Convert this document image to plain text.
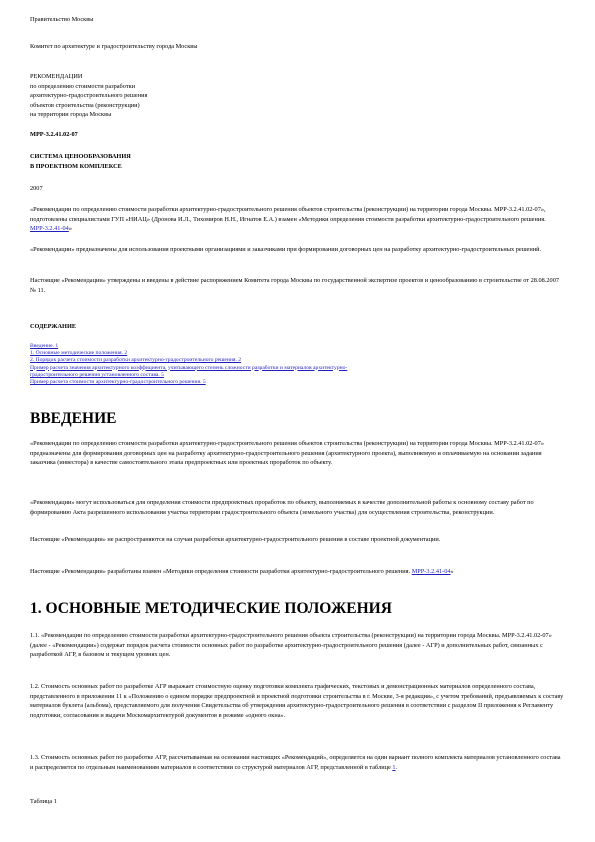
Правительство Москвы
Комитет по архитектуре и градостроительству города Москвы
РЕКОМЕНДАЦИИ
по определению стоимости разработки
архитектурно-градостроительного решения
объектов строительства (реконструкции)
на территории города Москвы
МРР-3.2.41.02-07
СИСТЕМА ЦЕНООБРАЗОВАНИЯ
В ПРОЕКТНОМ КОМПЛЕКСЕ
2007
«Рекомендации по определению стоимости разработки архитектурно-градостроительного решения объектов строительства (реконструкции) на территории города Москвы. МРР-3.2.41.02-07», подготовлены специалистами ГУП «НИАЦ» (Дронова И.Л., Тихомиров Н.Н., Игнатов Е.А.) взамен «Методики определения стоимости разработки архитектурно-градостроительного решения. МРР-3.2.41-04»
«Рекомендации» предназначены для использования проектными организациями и заказчиками при формировании договорных цен на разработку архитектурно-градостроительных решений.
Настоящие «Рекомендации» утверждены и введены в действие распоряжением Комитета города Москвы по государственной экспертизе проектов и ценообразованию в строительстве от 28.08.2007 № 11.
СОДЕРЖАНИЕ
Введение. 1
1. Основные методические положения. 2
2. Порядок расчета стоимости разработки архитектурно-градостроительного решения. 2
Пример расчета значения архитектурного коэффициента, учитывающего степень сложности разработки и материалов архитектурно-
градостроительного решения установленного состава. 5
Пример расчета стоимости архитектурно-градостроительного решения. 5
ВВЕДЕНИЕ
«Рекомендации по определению стоимости разработки архитектурно-градостроительного решения объектов строительства (реконструкции) на территории города Москвы. МРР-3.2.41.02-07» предназначены для формирования договорных цен на разработку архитектурно-градостроительного решения (архитектурного проекта), выполняемую и оплачиваемую на основании задания заказчика (инвестора) в качестве самостоятельного этапа предпроектных или проектных проработок по объекту.
«Рекомендации» могут использоваться для определения стоимости предпроектных проработок по объекту, выполняемых в качестве дополнительной работы к основному составу работ по формированию Акта разрешенного использования участка территории градостроительного объекта (земельного участка) для осуществления строительства, реконструкции.
Настоящие «Рекомендации» не распространяются на случаи разработки архитектурно-градостроительного решения в составе проектной документации.
Настоящие «Рекомендации» разработаны взамен «Методики определения стоимости разработки архитектурно-градостроительного решения. МРР-3.2.41-04»
1. ОСНОВНЫЕ МЕТОДИЧЕСКИЕ ПОЛОЖЕНИЯ
1.1. «Рекомендации по определению стоимости разработки архитектурно-градостроительного решения объекта строительства (реконструкции) на территории города Москвы. МРР-3.2.41.02-07» (далее - «Рекомендации») содержат порядок расчета стоимости основных работ по разработке архитектурно-градостроительного решения (далее - АГР) и дополнительных работ, связанных с разработкой АГР, в базовом и текущем уровнях цен.
1.2. Стоимость основных работ по разработке АГР выражает стоимостную оценку подготовки комплекта графических, текстовых и демонстрационных материалов определенного состава, представленного в приложении 11 к «Положению о едином порядке предпроектной и проектной подготовки строительства в г. Москве, 3-я редакция», с учетом требований, предъявляемых к составу материалов буклета (альбома), представляемого для получения Свидетельства об утверждении архитектурно-градостроительного решения в соответствии с разделом II приложения к Регламенту подготовки, согласования и выдачи Москомархитектурой документов в режиме «одного окна».
1.3. Стоимость основных работ по разработке АГР, рассчитываемая на основании настоящих «Рекомендаций», определяется на один вариант полного комплекта материалов установленного состава и распределяется по отдельным наименованиям материалов в соответствии со структурой материалов АГР, представленной в таблице 1.
Таблица 1
